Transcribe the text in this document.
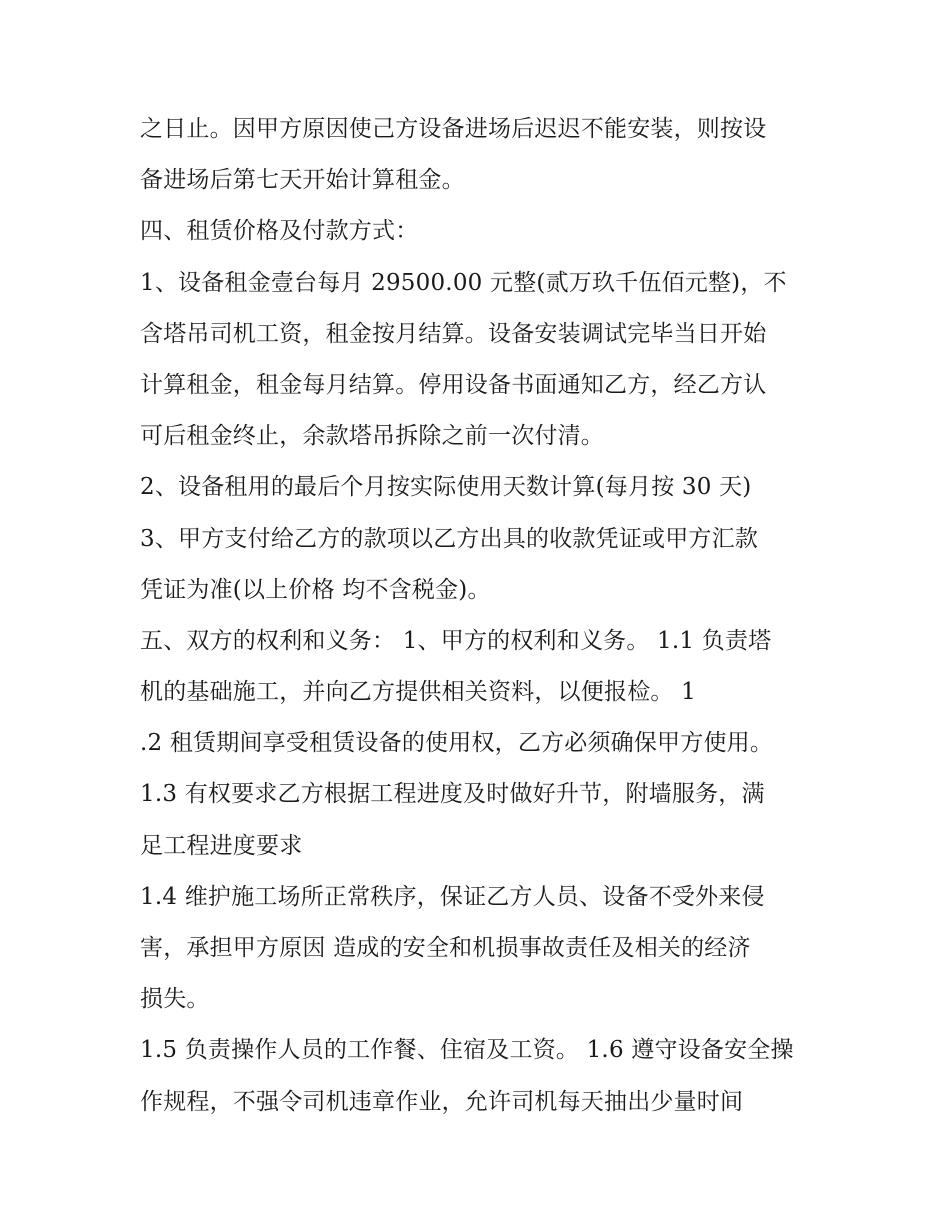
之日止。因甲方原因使己方设备进场后迟迟不能安装，则按设
备进场后第七天开始计算租金。
四、租赁价格及付款方式：
1、设备租金壹台每月 29500.00 元整(贰万玖千伍佰元整)，不
含塔吊司机工资，租金按月结算。设备安装调试完毕当日开始
计算租金，租金每月结算。停用设备书面通知乙方，经乙方认
可后租金终止，余款塔吊拆除之前一次付清。
2、设备租用的最后个月按实际使用天数计算(每月按 30 天)
3、甲方支付给乙方的款项以乙方出具的收款凭证或甲方汇款
凭证为准(以上价格 均不含税金)。
五、双方的权利和义务： 1、甲方的权利和义务。 1.1 负责塔
机的基础施工，并向乙方提供相关资料，以便报检。 1
.2 租赁期间享受租赁设备的使用权，乙方必须确保甲方使用。
1.3 有权要求乙方根据工程进度及时做好升节，附墙服务，满
足工程进度要求
1.4 维护施工场所正常秩序，保证乙方人员、设备不受外来侵
害，承担甲方原因 造成的安全和机损事故责任及相关的经济
损失。
1.5 负责操作人员的工作餐、住宿及工资。 1.6 遵守设备安全操
作规程，不强令司机违章作业，允许司机每天抽出少量时间
